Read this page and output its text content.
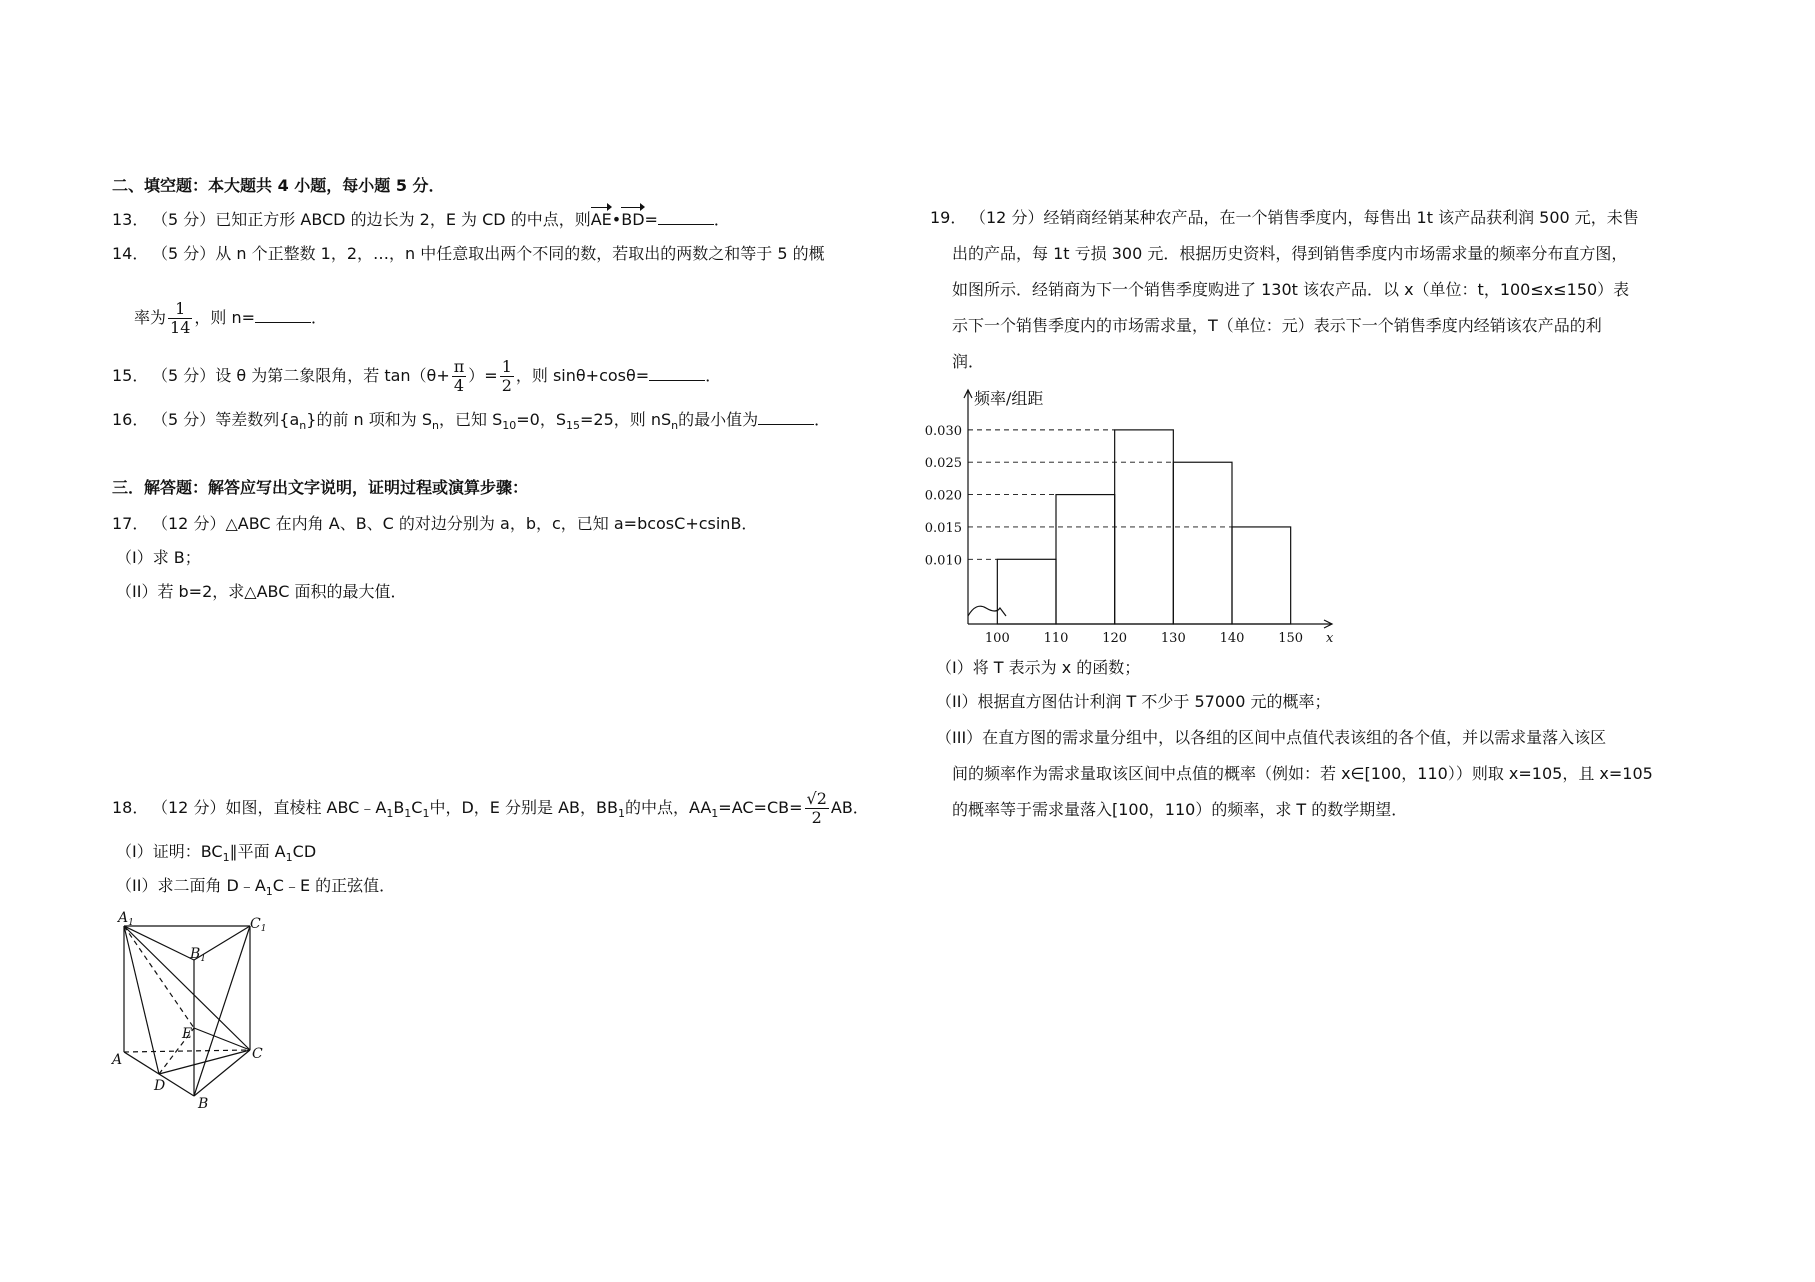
二、填空题：本大题共 4 小题，每小题 5 分．
13． （5 分）已知正方形 ABCD 的边长为 2，E 为 CD 的中点，则AE•BD=	．
14． （5 分）从 n 个正整数 1，2，…，n 中任意取出两个不同的数，若取出的两数之和等于 5 的概
率为 $\frac{1}{14}$ ，则 n=	．
15． （5 分）设 θ 为第二象限角，若 $\tan(\theta+ \frac{\pi}{4}$ ）= $\frac{1}{2}$ ，则 sinθ+cosθ=	．
16． （5 分）等差数列$\{a_n\}$的前 n 项和为 $S_n$，已知 $S_{10}=0$，$S_{15}=25$，则 $nS_n$的最小值为	．
三．解答题：解答应写出文字说明，证明过程或演算步骤：
17． （12 分）△ABC 在内角 A、B、C 的对边分别为 a，b，c，已知 a=bcosC+csinB．
（I）求 B；
（II）若 b=2，求△ABC 面积的最大值．
18． （12 分）如图，直棱柱 $ABC﹣A_1B_1C_1$中，D，E 分别是 AB，$BB_1$的中点，$AA_1=AC=CB= \frac{√2}{2}$ AB．
（I）证明：$BC_1\parallel$平面 $A_1CD$
（II）求二面角 $D﹣A_1C﹣E$ 的正弦值．
$A_1$
$B_1$
$C_1$
E
A	C
D
B
19． （12 分）经销商经销某种农产品，在一个销售季度内，每售出 1t 该产品获利润 500 元，未售
出的产品，每 1t 亏损 300 元．根据历史资料，得到销售季度内市场需求量的频率分布直方图，
如图所示．经销商为下一个销售季度购进了 130t 该农产品．以 x（单位：t，100≤x≤150）表
示下一个销售季度内的市场需求量，T（单位：元）表示下一个销售季度内经销该农产品的利
润．
频率/组距
0.030
0.025
0.020
0.015
0.010
100	110	120	130	140	150 x
（I）将 T 表示为 x 的函数；
（II）根据直方图估计利润 T 不少于 57000 元的概率；
（III）在直方图的需求量分组中，以各组的区间中点值代表该组的各个值，并以需求量落入该区
间的频率作为需求量取该区间中点值的概率（例如：若 x∈[100，110））则取 x=105，且 x=105
的概率等于需求量落入[100，110）的频率，求 T 的数学期望．
